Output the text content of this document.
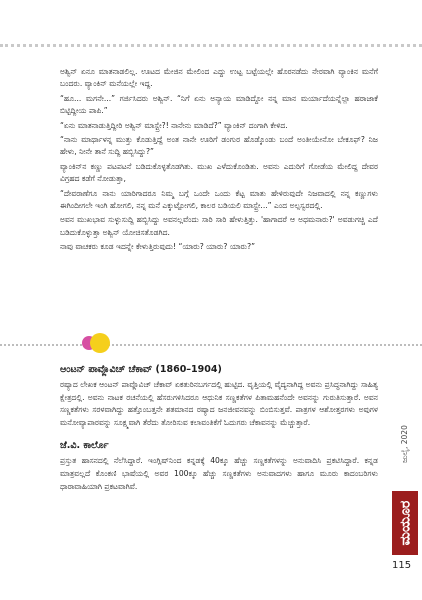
ಅಶ್ವಿನ್ ಏನೂ ಮಾತನಾಡಲಿಲ್ಲ. ಊಟದ ಮೇಜಿನ ಮೇಲಿಂದ ಎದ್ದು ಉಟ್ಟ ಬಟ್ಟೆಯಲ್ಲೇ ಹೊರನಡೆದು ನೇರವಾಗಿ ವ್ಯಾಂಕಿನ ಮನೆಗೆ ಬಂದರು. ವ್ಯಾಂಕಿನ್ ಮನೆಯಲ್ಲೇ ಇದ್ದ.

“ಹೂ... ಮಗನೇ...” ಗರ್ಜಿಸಿದರು ಅಶ್ವಿನ್. “ನಿಗೆ ಏನು ಅನ್ಯಾಯ ಮಾಡಿದ್ದೋ ನನ್ನ ಮಾನ ಮರ್ಯಾದೆಯನ್ನೆಲ್ಲಾ ಹರಾಜಾಕೆ ಬಿಟ್ಟಿದ್ದೀಯ ಪಾಪಿ.”

“ಏನು ಮಾತನಾಡುತ್ತಿದ್ದೀರಿ ಅಶ್ವಿನ್ ಮಾಸ್ಟ್ರೇ?! ನಾನೇನು ಮಾಡಿದೆ?” ವ್ಯಾಂಕಿನ್ ದಂಗಾಗಿ ಕೇಳಿದ.

“ನಾನು ಮಾರ್ಥಾಳನ್ನ ಮುತ್ತು ಕೊಡುತ್ತಿದ್ದೆ ಅಂತ ನಾನೇ ಊರಿಗೆ ಡಂಗುರ ಹೊಡ್ಕೊಂಡು ಬಂದೆ ಅಂತೀಯೇನೋ ಬೇಕೂಫ್? ನಿಜ ಹೇಳು, ನೀನೇ ತಾನೆ ಸುದ್ದಿ ಹಬ್ಬಿಸಿದ್ದು?”

ವ್ಯಾಂಕಿನ್‌ನ ಕಣ್ಣು ಪಟಪಟನೆ ಬಡಿದುಕೊಳ್ಳತೊಡಗಿತು. ಮುಖ ಎಳೆದುಕೊಂಡಿತು. ಅವನು ಎದುರಿಗೆ ಗೋಡೆಯ ಮೇಲಿದ್ದ ದೇವರ ವಿಗ್ರಹದ ಕಡೆಗೆ ನೋಡುತ್ತಾ,

“ದೇವರಾಣೆಗೂ ನಾನು ಯಾರಿಗಾದರೂ ನಿಮ್ಮ ಬಗ್ಗೆ ಒಂದೇ ಒಂದು ಕೆಟ್ಟ ಮಾತು ಹೇಳಿರುವುದೇ ನಿಜವಾದಲ್ಲಿ ನನ್ನ ಕಣ್ಣುಗಳು ಈಗಿಂದೀಗಲೇ ಇಂಗಿ ಹೋಗಲಿ, ನನ್ನ ಮನೆ ಎಕ್ಕುಟ್ಟೋಗಲಿ, ಕಾಲರ ಬಡಿಯಲಿ ಮಾಸ್ಟ್ರೇ...” ಎಂದ ಅಲ್ಪಸ್ವರದಲ್ಲಿ.

ಅವನ ಮುಖಭಾವ ಸುಳ್ಳುಸುದ್ದಿ ಹಬ್ಬಿಸಿದ್ದು ಅವನಲ್ಲವೆಂದು ಸಾರಿ ಸಾರಿ ಹೇಳುತ್ತಿತ್ತು. 'ಹಾಗಾದರೆ ಆ ಅಧಮನಾರು?' ಅವಡುಗಚ್ಚಿ ಎದೆ ಬಡಿದುಕೊಳ್ಳುತ್ತಾ ಅಶ್ವಿನ್ ಯೋಚಿಸತೊಡಗಿದ.

ನಾವು ವಾಚಕರು ಕೂಡ ಇದನ್ನೇ ಕೇಳುತ್ತಿರುವುದು! “ಯಾರು? ಯಾರು? ಯಾರು?”

ಆಂಟನ್ ಪಾವ್ಲೊವಿಚ್ ಚೆಕಾವ್ (1860–1904)

ರಷ್ಯಾದ ಲೇಖಕ ಆಂಟನ್ ಪಾವ್ಲೊವಿಚ್ ಚೆಕಾವ್ ಏಕತುರಿನಬರ್ಗದಲ್ಲಿ ಹುಟ್ಟಿದ. ವೃತ್ತಿಯಲ್ಲಿ ವೈದ್ಯನಾಗಿದ್ದ ಅವನು ಪ್ರಸಿದ್ಧನಾಗಿದ್ದು ಸಾಹಿತ್ಯ ಕ್ಷೇತ್ರದಲ್ಲಿ. ಅವನು ನಾಟಕ ರಚನೆಯಲ್ಲಿ ಹೆಸರುಗಳಿಸಿದರೂ ಆಧುನಿಕ ಸಣ್ಣಕತೆಗಳ ಪಿತಾಮಹನೆಂದೇ ಅವನನ್ನು ಗುರುತಿಸುತ್ತಾರೆ. ಅವನ ಸಣ್ಣಕತೆಗಳು ಸರಳವಾಗಿದ್ದು ಹತ್ತೊಂಬತ್ತನೇ ಶತಮಾನದ ರಷ್ಯಾದ ಜನಜೀವನವನ್ನು ಬಿಂಬಿಸುತ್ತವೆ. ಪಾತ್ರಗಳ ಆಶೋತ್ತರಗಳು ಅವುಗಳ ಮನೋವ್ಯಾಪಾರವನ್ನು ಸೂಕ್ಷ್ಮವಾಗಿ ತೆರೆದು ತೋರಿಸುವ ಕಲಾವಂತಿಕೆಗೆ ಓದುಗರು ಚೆಕಾವನನ್ನು ಮೆಚ್ಚುತ್ತಾರೆ.

ಜೆ.ವಿ. ಕಾರ್ಲೊ

ಪ್ರಸ್ತುತ ಹಾಸನದಲ್ಲಿ ನೆಲೆಸಿದ್ದಾರೆ. ಇಂಗ್ಲಿಷ್‌ನಿಂದ ಕನ್ನಡಕ್ಕೆ 40ಕ್ಕೂ ಹೆಚ್ಚು ಸಣ್ಣಕತೆಗಳನ್ನು ಅನುವಾದಿಸಿ ಪ್ರಕಟಿಸಿದ್ದಾರೆ. ಕನ್ನಡ ಮಾತ್ರವಲ್ಲದೆ ಕೊಂಕಣಿ ಭಾಷೆಯಲ್ಲಿ ಅವರ 100ಕ್ಕೂ ಹೆಚ್ಚು ಸಣ್ಣಕತೆಗಳು ಅನುವಾದಗಳು ಹಾಗೂ ಮೂರು ಕಾದಂಬರಿಗಳು ಧಾರಾವಾಹಿಯಾಗಿ ಪ್ರಕಟವಾಗಿವೆ.

ಜುಲೈ, 2020
ಮಯೂರ
115
